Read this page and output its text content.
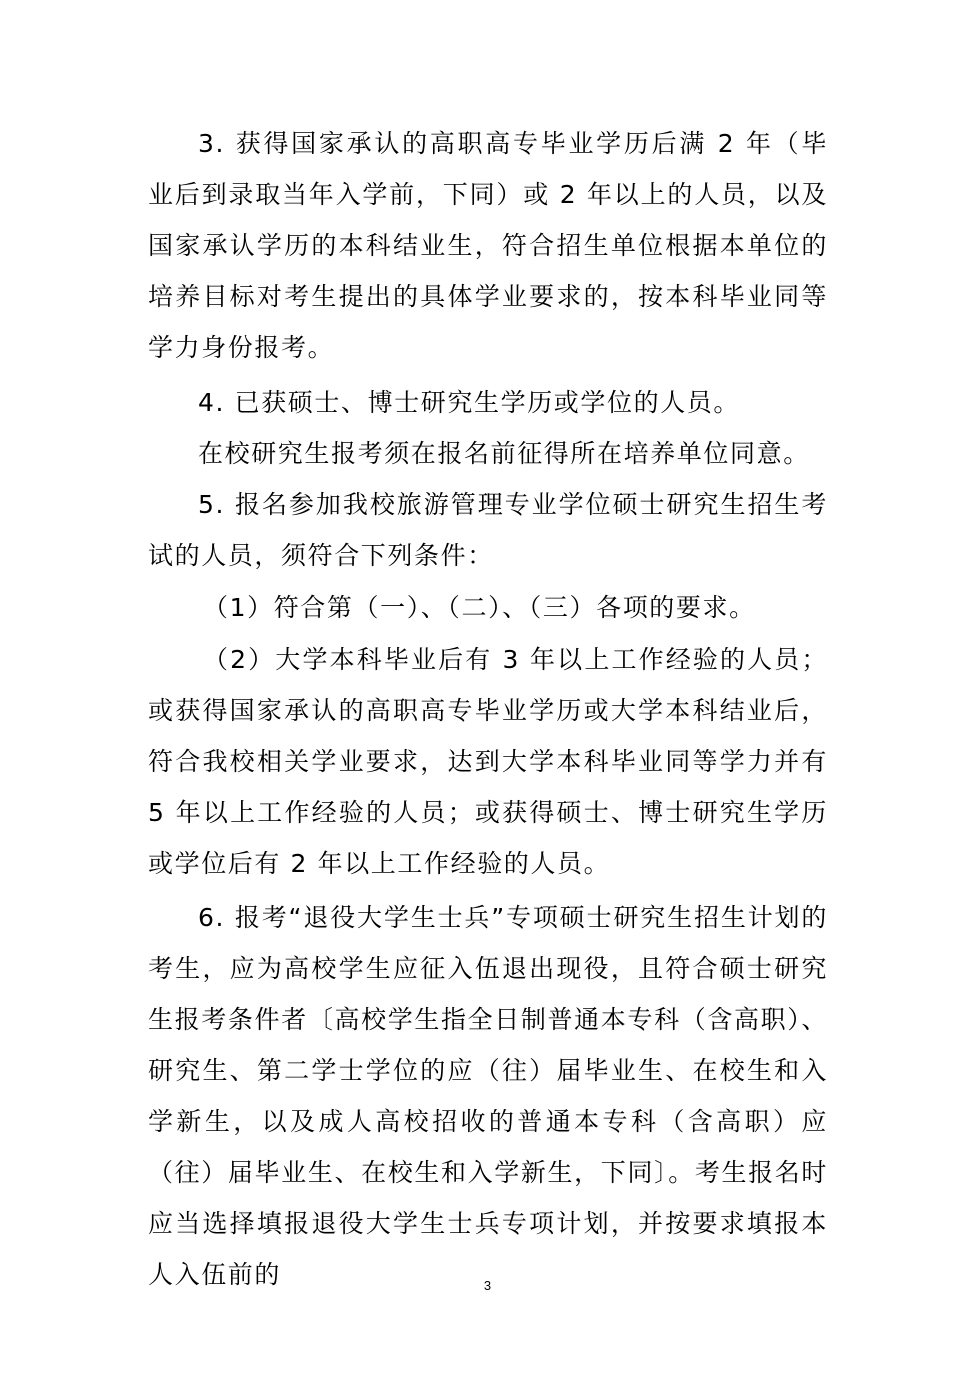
3. 获得国家承认的高职高专毕业学历后满 2 年（毕业后到录取当年入学前，下同）或 2 年以上的人员，以及国家承认学历的本科结业生，符合招生单位根据本单位的培养目标对考生提出的具体学业要求的，按本科毕业同等学力身份报考。

4. 已获硕士、博士研究生学历或学位的人员。

在校研究生报考须在报名前征得所在培养单位同意。

5. 报名参加我校旅游管理专业学位硕士研究生招生考试的人员，须符合下列条件：

（1）符合第（一）、（二）、（三）各项的要求。

（2）大学本科毕业后有 3 年以上工作经验的人员；或获得国家承认的高职高专毕业学历或大学本科结业后，符合我校相关学业要求，达到大学本科毕业同等学力并有 5 年以上工作经验的人员；或获得硕士、博士研究生学历或学位后有 2 年以上工作经验的人员。

6. 报考“退役大学生士兵”专项硕士研究生招生计划的考生，应为高校学生应征入伍退出现役，且符合硕士研究生报考条件者〔高校学生指全日制普通本专科（含高职）、研究生、第二学士学位的应（往）届毕业生、在校生和入学新生，以及成人高校招收的普通本专科（含高职）应（往）届毕业生、在校生和入学新生，下同〕。考生报名时应当选择填报退役大学生士兵专项计划，并按要求填报本人入伍前的	3
